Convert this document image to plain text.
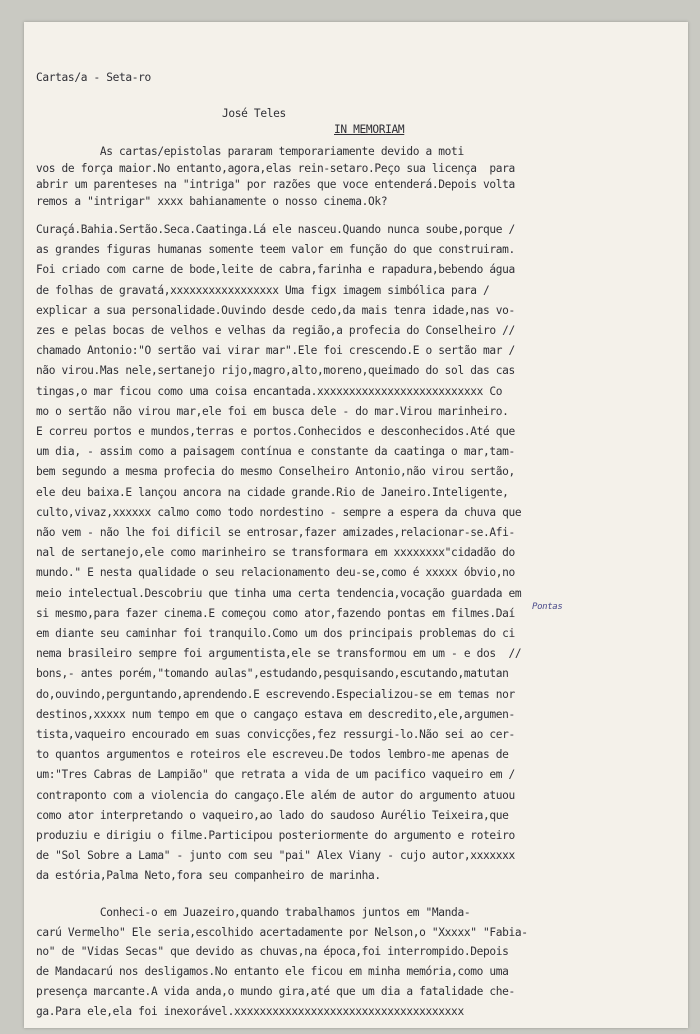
Cartas/a - Seta-ro
José Teles
IN MEMORIAM
As cartas/epistolas pararam temporariamente devido a moti
vos de força maior.No entanto,agora,elas rein-setaro.Peço sua licença  para
abrir um parenteses na "intriga" por razões que voce entenderá.Depois volta
remos a "intrigar" xxxx bahianamente o nosso cinema.Ok?
Curaçá.Bahia.Sertão.Seca.Caatinga.Lá ele nasceu.Quando nunca soube,porque /
as grandes figuras humanas somente teem valor em função do que construiram.
Foi criado com carne de bode,leite de cabra,farinha e rapadura,bebendo água
de folhas de gravatá,xxxxxxxxxxxxxxxxx Uma figx imagem simbólica para /
explicar a sua personalidade.Ouvindo desde cedo,da mais tenra idade,nas vo-
zes e pelas bocas de velhos e velhas da região,a profecia do Conselheiro //
chamado Antonio:"O sertão vai virar mar".Ele foi crescendo.E o sertão mar /
não virou.Mas nele,sertanejo rijo,magro,alto,moreno,queimado do sol das cas
tingas,o mar ficou como uma coisa encantada.xxxxxxxxxxxxxxxxxxxxxxxxxx Co
mo o sertão não virou mar,ele foi em busca dele - do mar.Virou marinheiro.
E correu portos e mundos,terras e portos.Conhecidos e desconhecidos.Até que
um dia, - assim como a paisagem contínua e constante da caatinga o mar,tam-
bem segundo a mesma profecia do mesmo Conselheiro Antonio,não virou sertão,
ele deu baixa.E lançou ancora na cidade grande.Rio de Janeiro.Inteligente,
culto,vivaz,xxxxxx calmo como todo nordestino - sempre a espera da chuva que
não vem - não lhe foi dificil se entrosar,fazer amizades,relacionar-se.Afi-
nal de sertanejo,ele como marinheiro se transformara em xxxxxxxx"cidadão do
mundo." E nesta qualidade o seu relacionamento deu-se,como é xxxxx óbvio,no
meio intelectual.Descobriu que tinha uma certa tendencia,vocação guardada em
si mesmo,para fazer cinema.E começou como ator,fazendo pontas em filmes.Daí
em diante seu caminhar foi tranquilo.Como um dos principais problemas do ci
nema brasileiro sempre foi argumentista,ele se transformou em um - e dos  //
bons,- antes porém,"tomando aulas",estudando,pesquisando,escutando,matutan
do,ouvindo,perguntando,aprendendo.E escrevendo.Especializou-se em temas nor
destinos,xxxxx num tempo em que o cangaço estava em descredito,ele,argumen-
tista,vaqueiro encourado em suas convicções,fez ressurgi-lo.Não sei ao cer-
to quantos argumentos e roteiros ele escreveu.De todos lembro-me apenas de
um:"Tres Cabras de Lampião" que retrata a vida de um pacifico vaqueiro em /
contraponto com a violencia do cangaço.Ele além de autor do argumento atuou
como ator interpretando o vaqueiro,ao lado do saudoso Aurélio Teixeira,que
produziu e dirigiu o filme.Participou posteriormente do argumento e roteiro
de "Sol Sobre a Lama" - junto com seu "pai" Alex Viany - cujo autor,xxxxxxx
da estória,Palma Neto,fora seu companheiro de marinha.
Conheci-o em Juazeiro,quando trabalhamos juntos em "Manda-
carú Vermelho" Ele seria,escolhido acertadamente por Nelson,o "Xxxxx" "Fabia-
no" de "Vidas Secas" que devido as chuvas,na época,foi interrompido.Depois
de Mandacarú nos desligamos.No entanto ele ficou em minha memória,como uma
presença marcante.A vida anda,o mundo gira,até que um dia a fatalidade che-
ga.Para ele,ela foi inexorável.xxxxxxxxxxxxxxxxxxxxxxxxxxxxxxxxxxxx
Pontas
